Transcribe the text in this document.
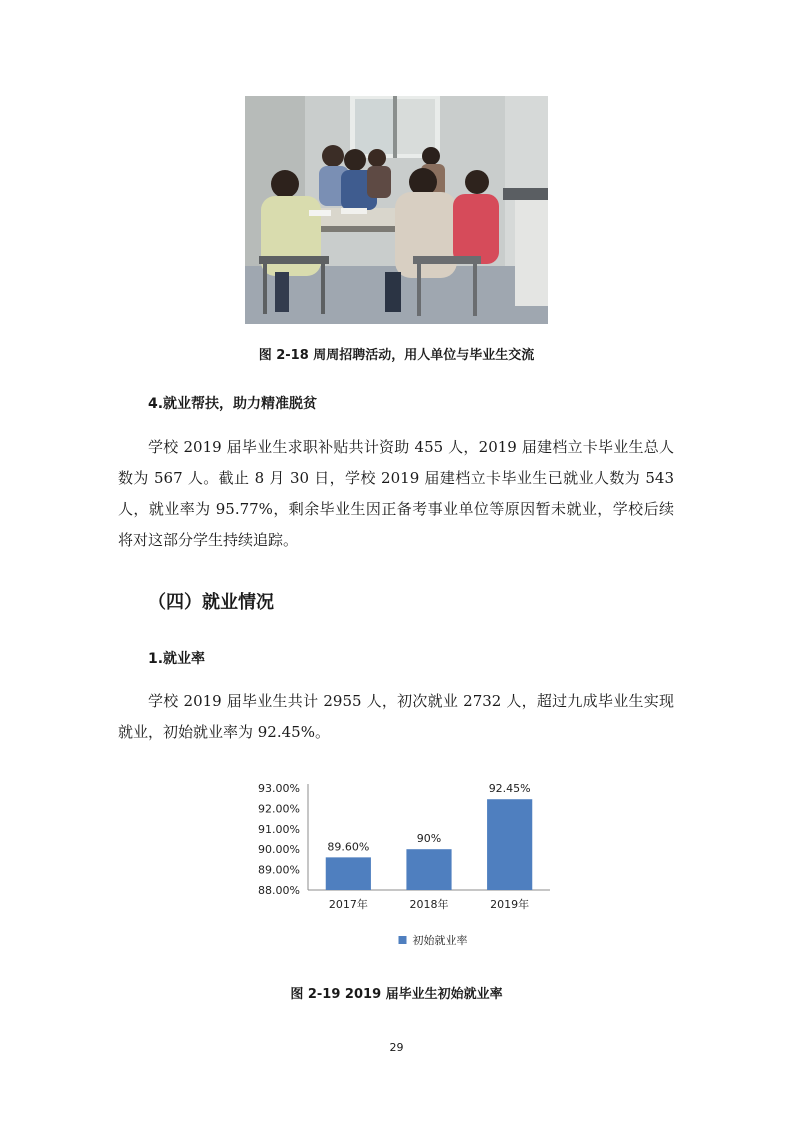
图 2-18 周周招聘活动，用人单位与毕业生交流
4.就业帮扶，助力精准脱贫

学校 2019 届毕业生求职补贴共计资助 455 人，2019 届建档立卡毕业生总人数为 567 人。截止 8 月 30 日，学校 2019 届建档立卡毕业生已就业人数为 543 人，就业率为 95.77%，剩余毕业生因正备考事业单位等原因暂未就业，学校后续将对这部分学生持续追踪。

（四）就业情况
1.就业率

学校 2019 届毕业生共计 2955 人，初次就业 2732 人，超过九成毕业生实现就业，初始就业率为 92.45%。

88.00%
89.00%
90.00%
91.00%
92.00%
93.00%
89.60%
2017年
90%
2018年
92.45%
2019年
初始就业率
图 2-19 2019 届毕业生初始就业率
29
